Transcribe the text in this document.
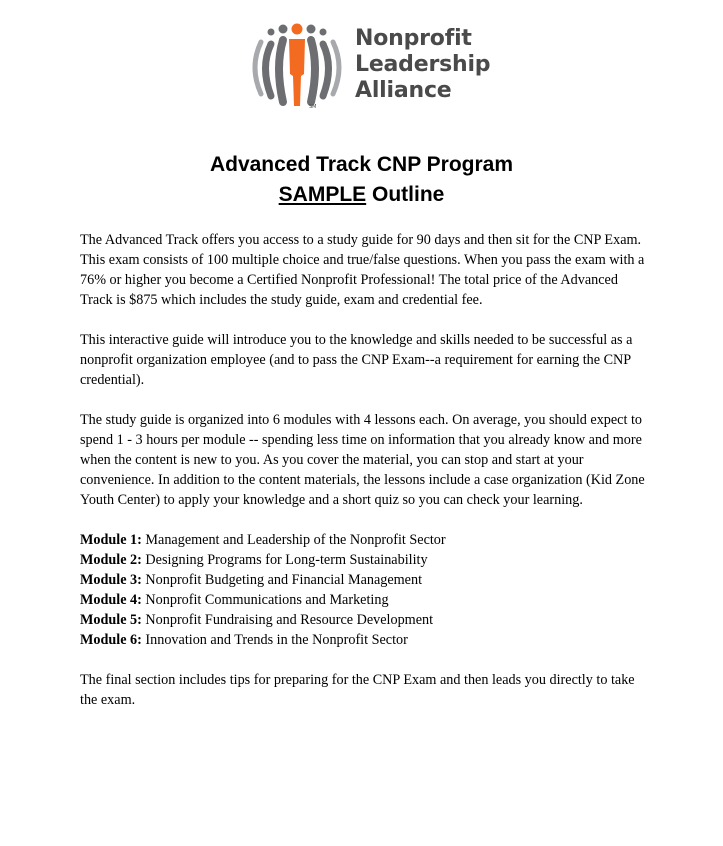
SM
Nonprofit
Leadership
Alliance
Advanced Track CNP Program
SAMPLE Outline

The Advanced Track offers you access to a study guide for 90 days and then sit for the CNP Exam. This exam consists of 100 multiple choice and true/false questions. When you pass the exam with a 76% or higher you become a Certified Nonprofit Professional! The total price of the Advanced Track is $875 which includes the study guide, exam and credential fee.

This interactive guide will introduce you to the knowledge and skills needed to be successful as a nonprofit organization employee (and to pass the CNP Exam--a requirement for earning the CNP credential).

The study guide is organized into 6 modules with 4 lessons each. On average, you should expect to spend 1 - 3 hours per module -- spending less time on information that you already know and more when the content is new to you. As you cover the material, you can stop and start at your convenience. In addition to the content materials, the lessons include a case organization (Kid Zone Youth Center) to apply your knowledge and a short quiz so you can check your learning.

Module 1: Management and Leadership of the Nonprofit Sector
Module 2: Designing Programs for Long-term Sustainability
Module 3: Nonprofit Budgeting and Financial Management
Module 4: Nonprofit Communications and Marketing
Module 5: Nonprofit Fundraising and Resource Development
Module 6: Innovation and Trends in the Nonprofit Sector

The final section includes tips for preparing for the CNP Exam and then leads you directly to take the exam.
